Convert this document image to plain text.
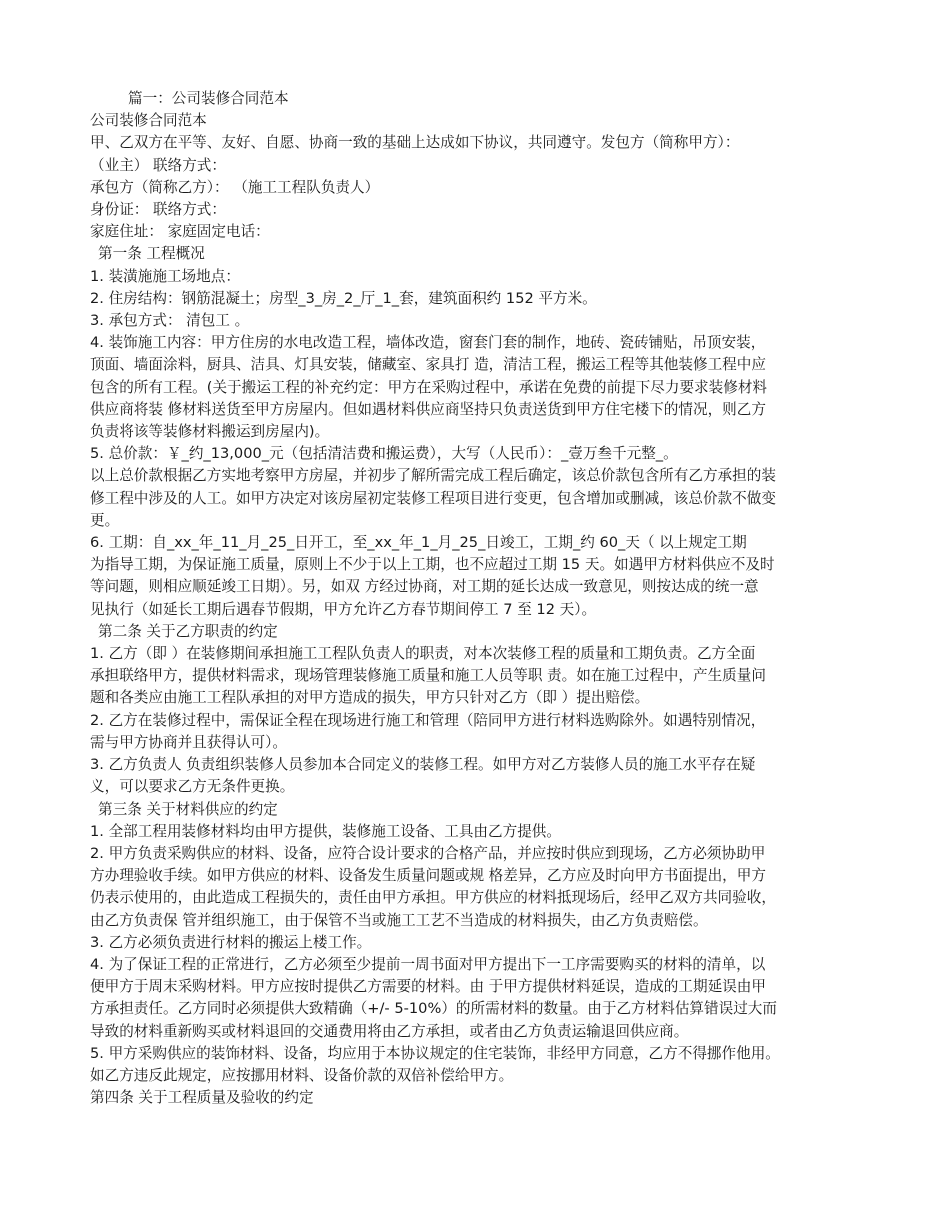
篇一：公司装修合同范本
公司装修合同范本
甲、乙双方在平等、友好、自愿、协商一致的基础上达成如下协议，共同遵守。发包方（简称甲方）：
（业主） 联络方式：
承包方（简称乙方）： （施工工程队负责人）
身份证： 联络方式：
家庭住址： 家庭固定电话：
第一条 工程概况
1. 装潢施施工场地点：
2. 住房结构：钢筋混凝土；房型_3_房_2_厅_1_套，建筑面积约 152 平方米。
3. 承包方式： 清包工 。
4. 装饰施工内容：甲方住房的水电改造工程，墙体改造，窗套门套的制作，地砖、瓷砖铺贴，吊顶安装，
顶面、墙面涂料，厨具、洁具、灯具安装，储藏室、家具打 造，清洁工程，搬运工程等其他装修工程中应
包含的所有工程。(关于搬运工程的补充约定：甲方在采购过程中，承诺在免费的前提下尽力要求装修材料
供应商将装 修材料送货至甲方房屋内。但如遇材料供应商坚持只负责送货到甲方住宅楼下的情况，则乙方
负责将该等装修材料搬运到房屋内)。
5. 总价款：￥_约_13,000_元（包括清洁费和搬运费），大写（人民币）：_壹万叁千元整_。
以上总价款根据乙方实地考察甲方房屋，并初步了解所需完成工程后确定，该总价款包含所有乙方承担的装
修工程中涉及的人工。如甲方决定对该房屋初定装修工程项目进行变更，包含增加或删减，该总价款不做变
更。
6. 工期：自_xx_年_11_月_25_日开工，至_xx_年_1_月_25_日竣工，工期_约 60_天（ 以上规定工期
为指导工期，为保证施工质量，原则上不少于以上工期，也不应超过工期 15 天。如遇甲方材料供应不及时
等问题，则相应顺延竣工日期）。另，如双 方经过协商，对工期的延长达成一致意见，则按达成的统一意
见执行（如延长工期后遇春节假期，甲方允许乙方春节期间停工 7 至 12 天）。
第二条 关于乙方职责的约定
1. 乙方（即 ）在装修期间承担施工工程队负责人的职责，对本次装修工程的质量和工期负责。乙方全面
承担联络甲方，提供材料需求，现场管理装修施工质量和施工人员等职 责。如在施工过程中，产生质量问
题和各类应由施工工程队承担的对甲方造成的损失，甲方只针对乙方（即 ）提出赔偿。
2. 乙方在装修过程中，需保证全程在现场进行施工和管理（陪同甲方进行材料选购除外。如遇特别情况，
需与甲方协商并且获得认可）。
3. 乙方负责人 负责组织装修人员参加本合同定义的装修工程。如甲方对乙方装修人员的施工水平存在疑
义，可以要求乙方无条件更换。
第三条 关于材料供应的约定
1. 全部工程用装修材料均由甲方提供，装修施工设备、工具由乙方提供。
2. 甲方负责采购供应的材料、设备，应符合设计要求的合格产品，并应按时供应到现场，乙方必须协助甲
方办理验收手续。如甲方供应的材料、设备发生质量问题或规 格差异，乙方应及时向甲方书面提出，甲方
仍表示使用的，由此造成工程损失的，责任由甲方承担。甲方供应的材料抵现场后，经甲乙双方共同验收，
由乙方负责保 管并组织施工，由于保管不当或施工工艺不当造成的材料损失，由乙方负责赔偿。
3. 乙方必须负责进行材料的搬运上楼工作。
4. 为了保证工程的正常进行，乙方必须至少提前一周书面对甲方提出下一工序需要购买的材料的清单，以
便甲方于周末采购材料。甲方应按时提供乙方需要的材料。由 于甲方提供材料延误，造成的工期延误由甲
方承担责任。乙方同时必须提供大致精确（+/- 5-10%）的所需材料的数量。由于乙方材料估算错误过大而
导致的材料重新购买或材料退回的交通费用将由乙方承担，或者由乙方负责运输退回供应商。
5. 甲方采购供应的装饰材料、设备，均应用于本协议规定的住宅装饰，非经甲方同意，乙方不得挪作他用。
如乙方违反此规定，应按挪用材料、设备价款的双倍补偿给甲方。
第四条 关于工程质量及验收的约定
